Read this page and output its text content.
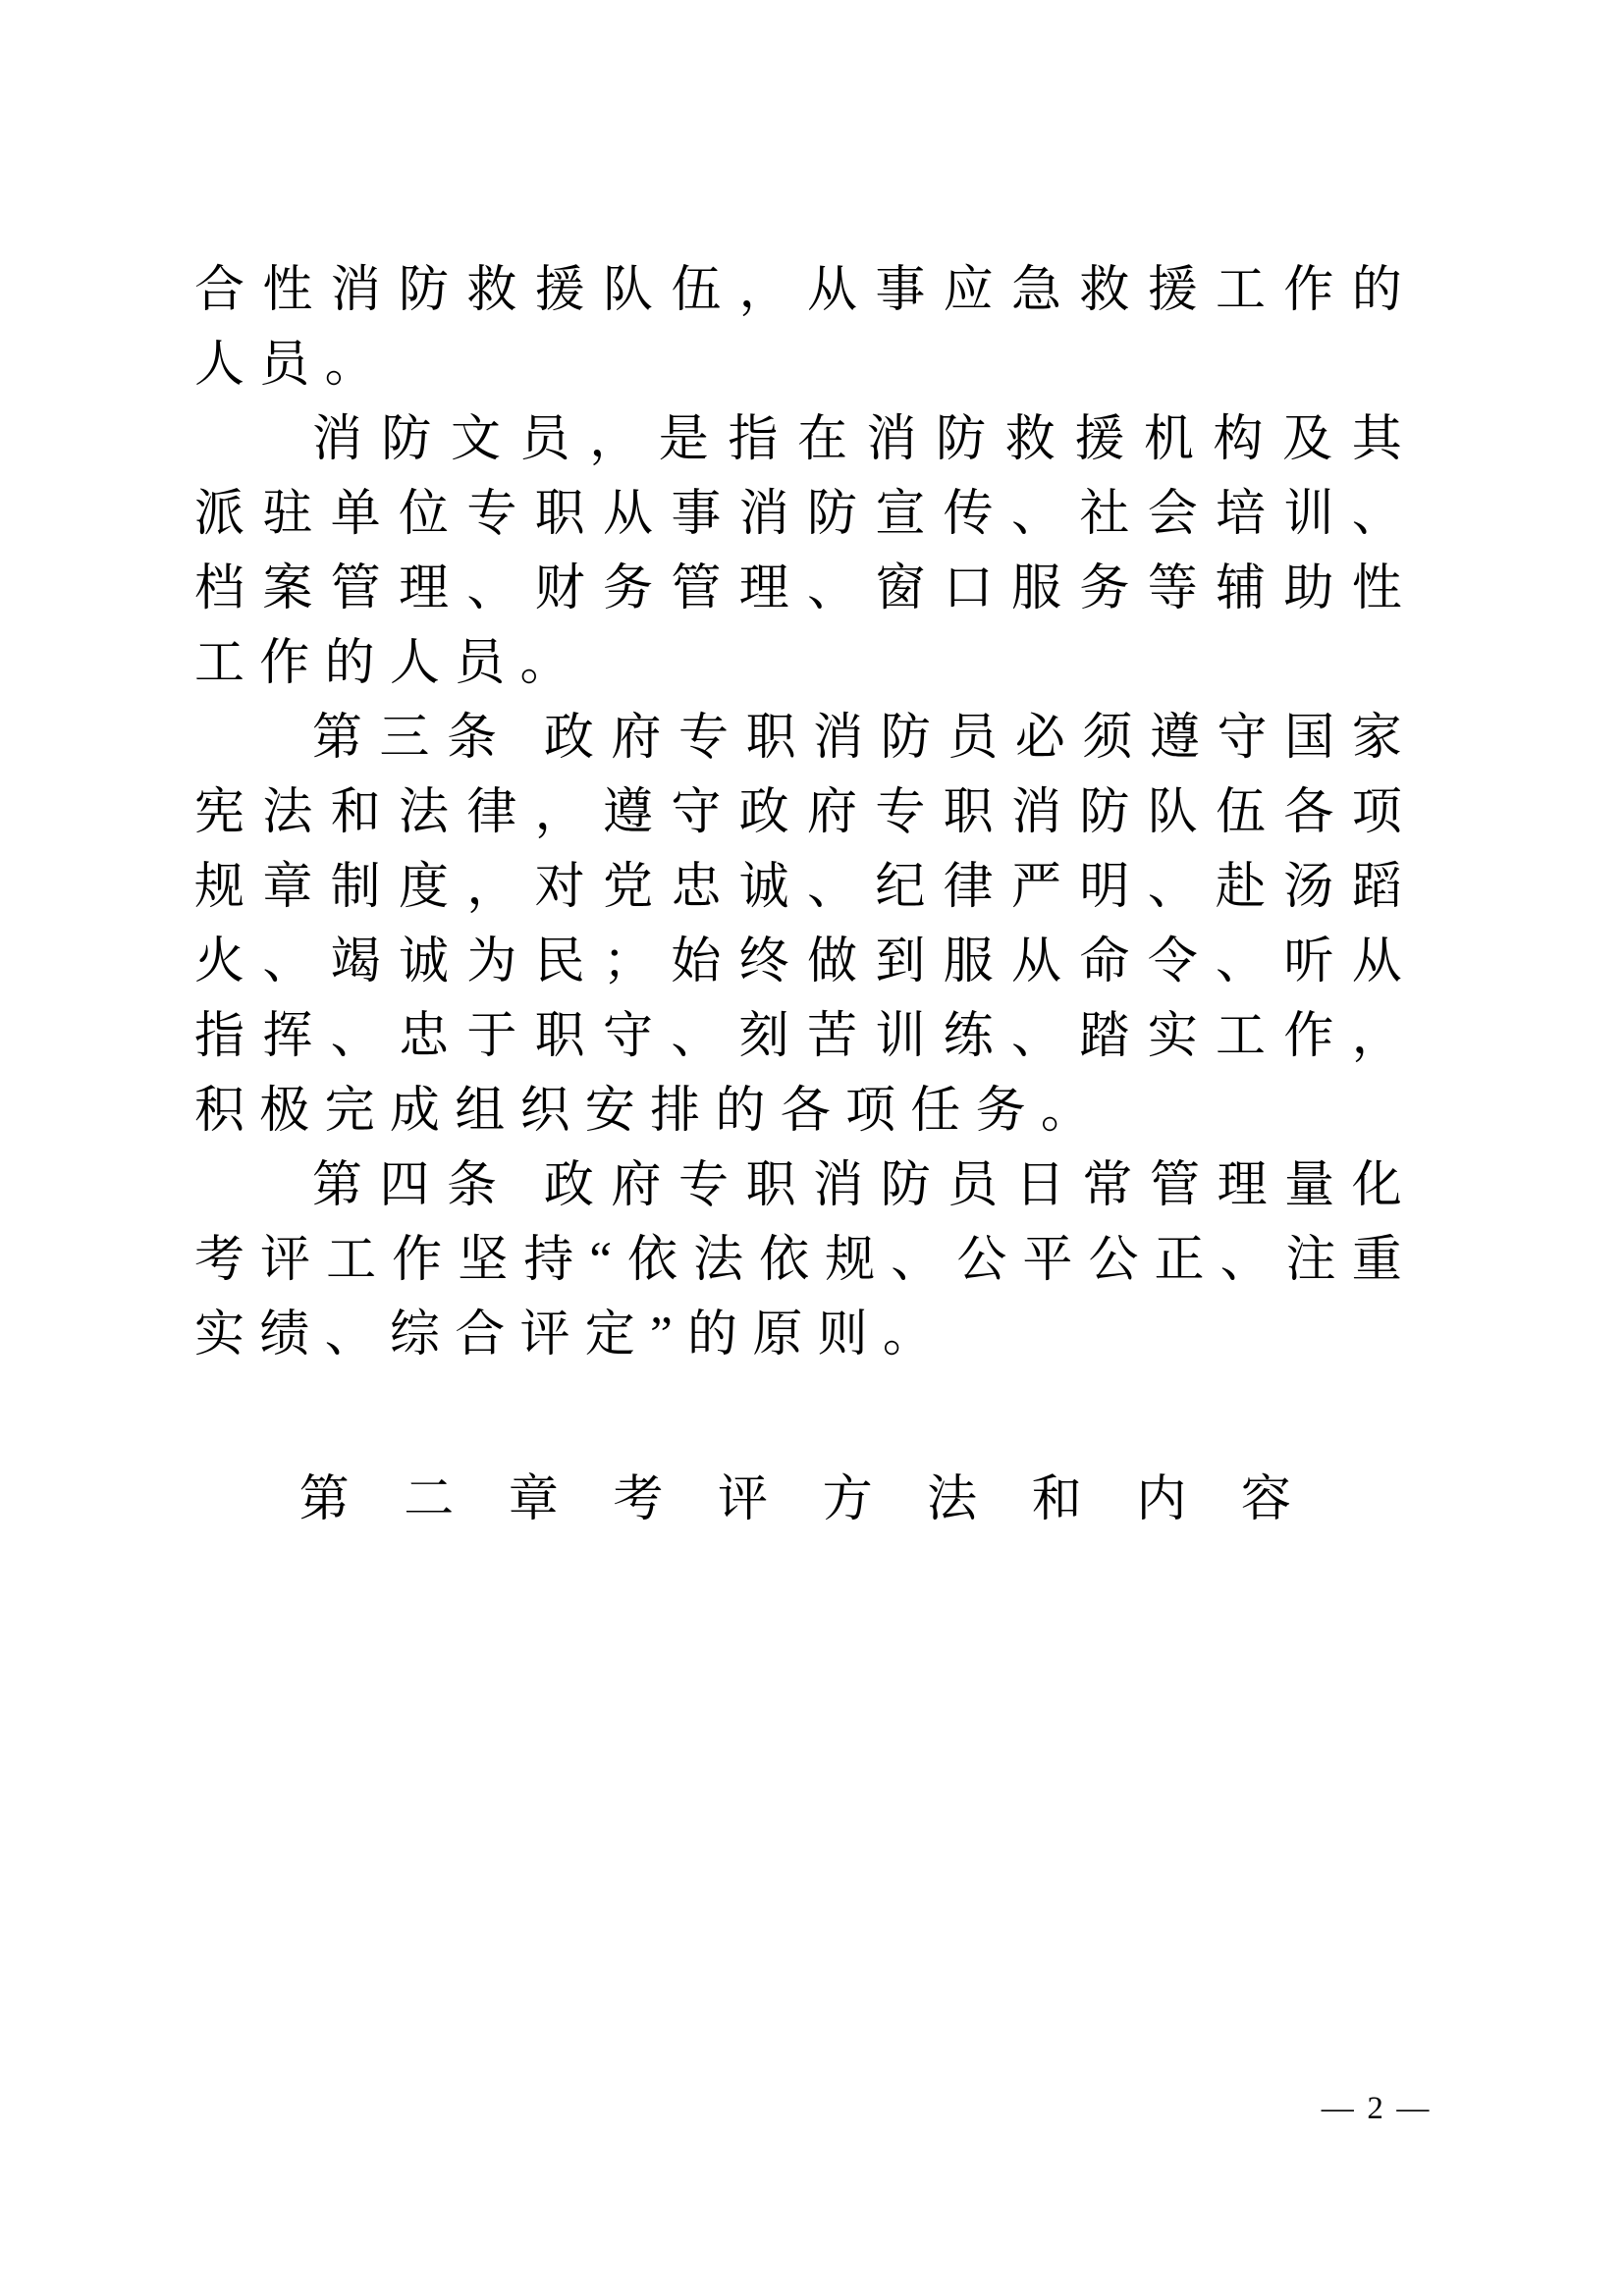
合性消防救援队伍，从事应急救援工作的人员。

消防文员，是指在消防救援机构及其派驻单位专职从事消防宣传、社会培训、档案管理、财务管理、窗口服务等辅助性工作的人员。

第三条 政府专职消防员必须遵守国家宪法和法律，遵守政府专职消防队伍各项规章制度，对党忠诚、纪律严明、赴汤蹈火、竭诚为民；始终做到服从命令、听从指挥、忠于职守、刻苦训练、踏实工作，积极完成组织安排的各项任务。

第四条 政府专职消防员日常管理量化考评工作坚持“依法依规、公平公正、注重实绩、综合评定”的原则。

第 二 章 考 评 方 法 和 内 容
— 2 —
